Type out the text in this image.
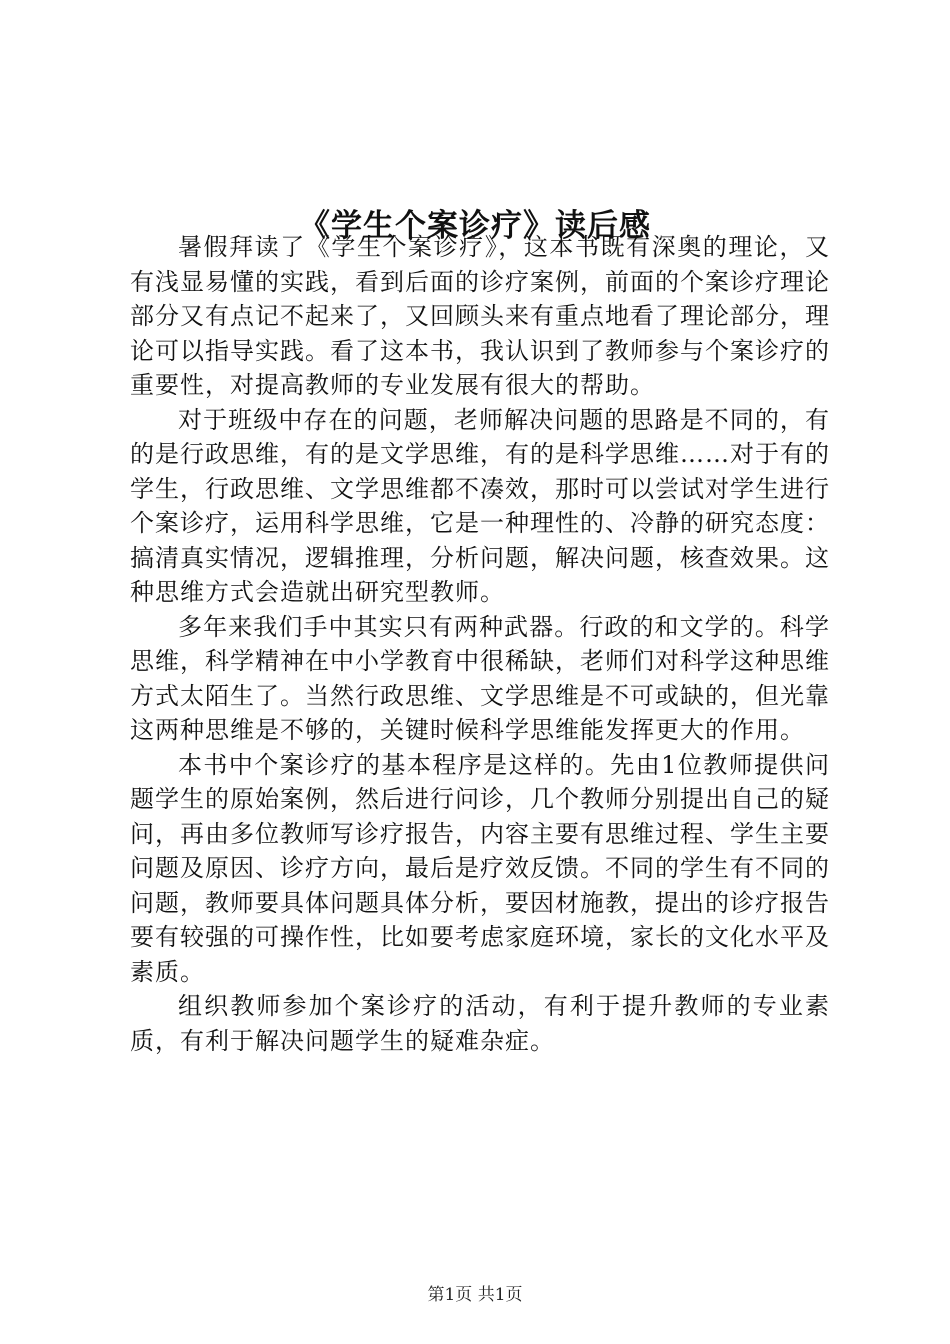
《学生个案诊疗》读后感

暑假拜读了《学生个案诊疗》，这本书既有深奥的理论，又有浅显易懂的实践，看到后面的诊疗案例，前面的个案诊疗理论部分又有点记不起来了，又回顾头来有重点地看了理论部分，理论可以指导实践。看了这本书，我认识到了教师参与个案诊疗的重要性，对提高教师的专业发展有很大的帮助。

对于班级中存在的问题，老师解决问题的思路是不同的，有的是行政思维，有的是文学思维，有的是科学思维……对于有的学生，行政思维、文学思维都不凑效，那时可以尝试对学生进行个案诊疗，运用科学思维，它是一种理性的、冷静的研究态度：搞清真实情况，逻辑推理，分析问题，解决问题，核查效果。这种思维方式会造就出研究型教师。

多年来我们手中其实只有两种武器。行政的和文学的。科学思维，科学精神在中小学教育中很稀缺，老师们对科学这种思维方式太陌生了。当然行政思维、文学思维是不可或缺的，但光靠这两种思维是不够的，关键时候科学思维能发挥更大的作用。

本书中个案诊疗的基本程序是这样的。先由1位教师提供问题学生的原始案例，然后进行问诊，几个教师分别提出自己的疑问，再由多位教师写诊疗报告，内容主要有思维过程、学生主要问题及原因、诊疗方向，最后是疗效反馈。不同的学生有不同的问题，教师要具体问题具体分析，要因材施教，提出的诊疗报告要有较强的可操作性，比如要考虑家庭环境，家长的文化水平及素质。

组织教师参加个案诊疗的活动，有利于提升教师的专业素质，有利于解决问题学生的疑难杂症。

第1页 共1页
